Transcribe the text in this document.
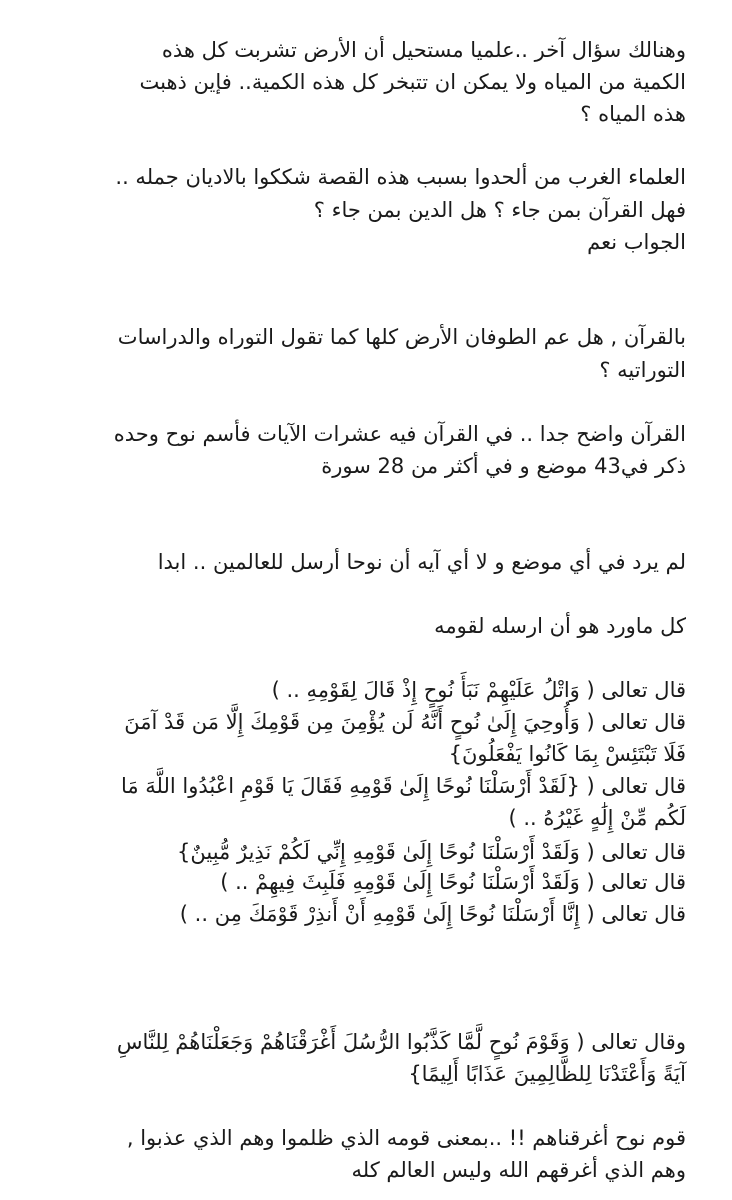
وهنالك سؤال آخر ..علميا مستحيل أن الأرض تشربت كل هذه
الكمية من المياه ولا يمكن ان تتبخر كل هذه الكمية.. فإين ذهبت
هذه المياه ؟
العلماء الغرب من ألحدوا بسبب هذه القصة شككوا بالاديان جمله ..
فهل القرآن بمن جاء ؟ هل الدين بمن جاء ؟
الجواب نعم
بالقرآن , هل عم الطوفان الأرض كلها كما تقول التوراه والدراسات
التوراتيه ؟
القرآن واضح جدا .. في القرآن فيه عشرات الآيات فأسم نوح وحده
ذكر في43 موضع و في أكثر من 28 سورة
لم يرد في أي موضع و لا أي آيه أن نوحا أرسل للعالمين .. ابدا
كل ماورد هو أن ارسله لقومه
قال تعالى ( وَاتْلُ عَلَيْهِمْ نَبَأَ نُوحٍ إِذْ قَالَ لِقَوْمِهِ .. )
قال تعالى ( وَأُوحِيَ إِلَىٰ نُوحٍ أَنَّهُ لَن يُؤْمِنَ مِن قَوْمِكَ إِلَّا مَن قَدْ آمَنَ
فَلَا تَبْتَئِسْ بِمَا كَانُوا يَفْعَلُونَ}
قال تعالى ( {لَقَدْ أَرْسَلْنَا نُوحًا إِلَىٰ قَوْمِهِ فَقَالَ يَا قَوْمِ اعْبُدُوا اللَّهَ مَا
لَكُم مِّنْ إِلَٰهٍ غَيْرُهُ .. )
قال تعالى ( وَلَقَدْ أَرْسَلْنَا نُوحًا إِلَىٰ قَوْمِهِ إِنِّي لَكُمْ نَذِيرٌ مُّبِينٌ}
قال تعالى ( وَلَقَدْ أَرْسَلْنَا نُوحًا إِلَىٰ قَوْمِهِ فَلَبِثَ فِيهِمْ .. )
قال تعالى ( إِنَّا أَرْسَلْنَا نُوحًا إِلَىٰ قَوْمِهِ أَنْ أَنذِرْ قَوْمَكَ مِن .. )
وقال تعالى ( وَقَوْمَ نُوحٍ لَّمَّا كَذَّبُوا الرُّسُلَ أَغْرَقْنَاهُمْ وَجَعَلْنَاهُمْ لِلنَّاسِ
آيَةً وَأَعْتَدْنَا لِلظَّالِمِينَ عَذَابًا أَلِيمًا}
قوم نوح أغرقناهم !! ..بمعنى قومه الذي ظلموا وهم الذي عذبوا ,
وهم الذي أغرقهم الله وليس العالم كله
